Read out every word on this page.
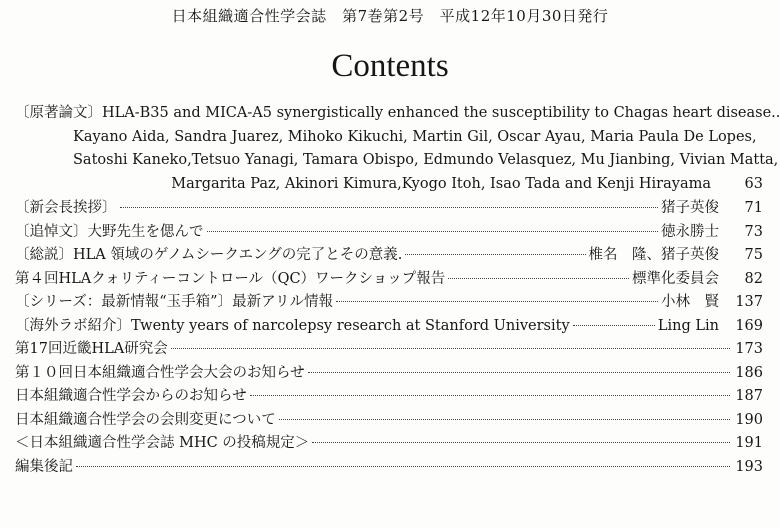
日本組織適合性学会誌　第7巻第2号　平成12年10月30日発行
Contents
〔原著論文〕HLA-B35 and MICA-A5 synergistically enhanced the susceptibility to Chagas heart disease..
Kayano Aida, Sandra Juarez, Mihoko Kikuchi, Martin Gil, Oscar Ayau, Maria Paula De Lopes,
Satoshi Kaneko,Tetsuo Yanagi, Tamara Obispo, Edmundo Velasquez, Mu Jianbing, Vivian Matta,
Margarita Paz, Akinori Kimura,Kyogo Itoh, Isao Tada and Kenji Hirayama	63
〔新会長挨拶〕	猪子英俊	71
〔追悼文〕大野先生を偲んで	徳永勝士	73
〔総説〕HLA 領域のゲノムシークエングの完了とその意義.	椎名　隆、猪子英俊	75
第４回HLAクォリティーコントロール（QC）ワークショップ報告	標準化委員会	82
〔シリーズ：最新情報“玉手箱”〕最新アリル情報	小林　賢 137
〔海外ラボ紹介〕Twenty years of narcolepsy research at Stanford University	Ling Lin 169
第17回近畿HLA研究会	173
第１０回日本組織適合性学会大会のお知らせ	186
日本組織適合性学会からのお知らせ	187
日本組織適合性学会の会則変更について	190
＜日本組織適合性学会誌 MHC の投稿規定＞	191
編集後記	193
